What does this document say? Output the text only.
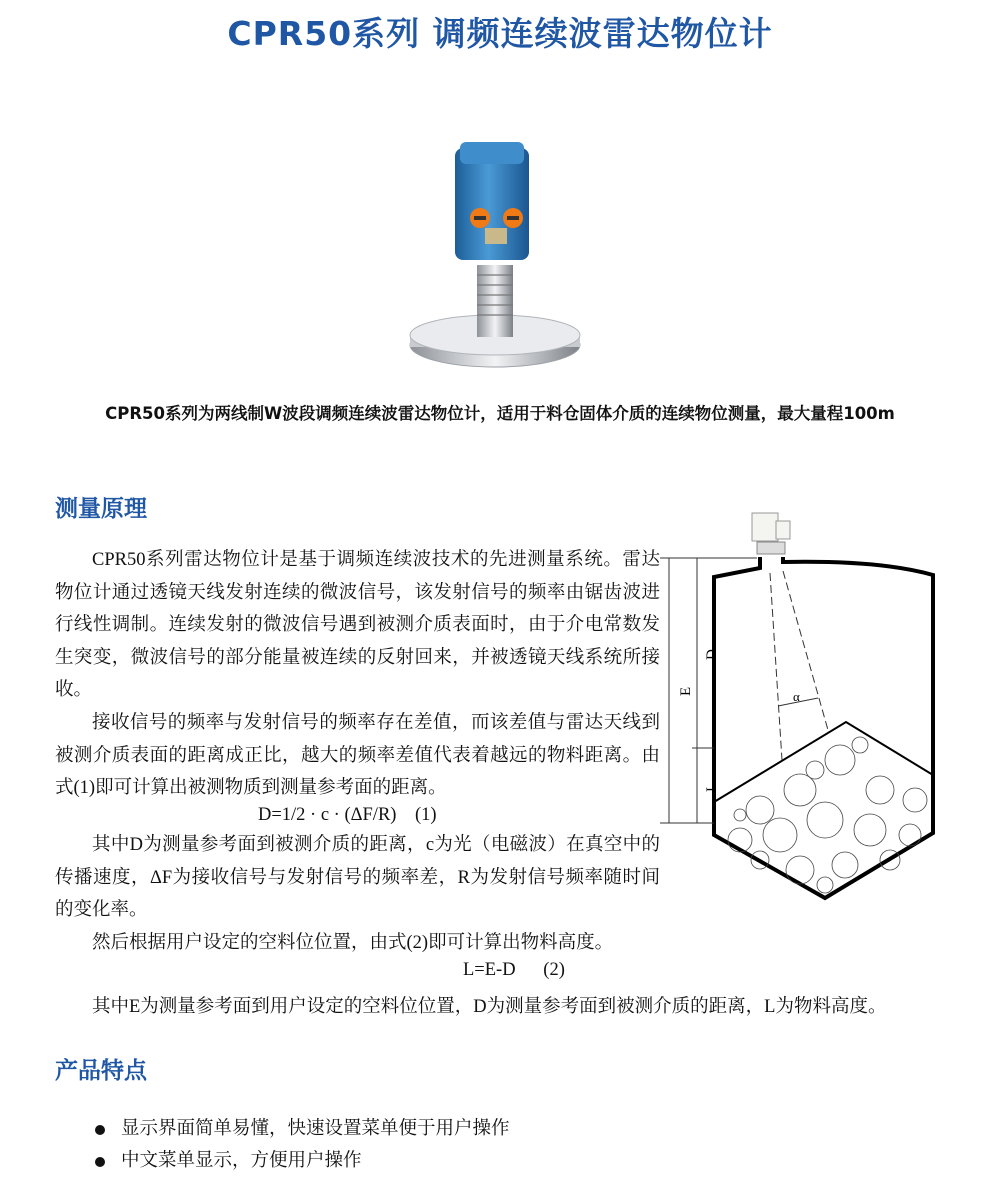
CPR50系列 调频连续波雷达物位计
CPR50系列为两线制W波段调频连续波雷达物位计，适用于料仓固体介质的连续物位测量，最大量程100m
测量原理
CPR50系列雷达物位计是基于调频连续波技术的先进测量系统。雷达物位计通过透镜天线发射连续的微波信号，该发射信号的频率由锯齿波进行线性调制。连续发射的微波信号遇到被测介质表面时，由于介电常数发生突变，微波信号的部分能量被连续的反射回来，并被透镜天线系统所接收。
接收信号的频率与发射信号的频率存在差值，而该差值与雷达天线到被测介质表面的距离成正比，越大的频率差值代表着越远的物料距离。由式(1)即可计算出被测物质到测量参考面的距离。
D=1/2 · c · (ΔF/R)    (1)
其中D为测量参考面到被测介质的距离，c为光（电磁波）在真空中的传播速度，ΔF为接收信号与发射信号的频率差，R为发射信号频率随时间的变化率。
然后根据用户设定的空料位位置，由式(2)即可计算出物料高度。
L=E-D      (2)
其中E为测量参考面到用户设定的空料位位置，D为测量参考面到被测介质的距离，L为物料高度。
E
D
L
α
产品特点
显示界面简单易懂，快速设置菜单便于用户操作
中文菜单显示，方便用户操作
